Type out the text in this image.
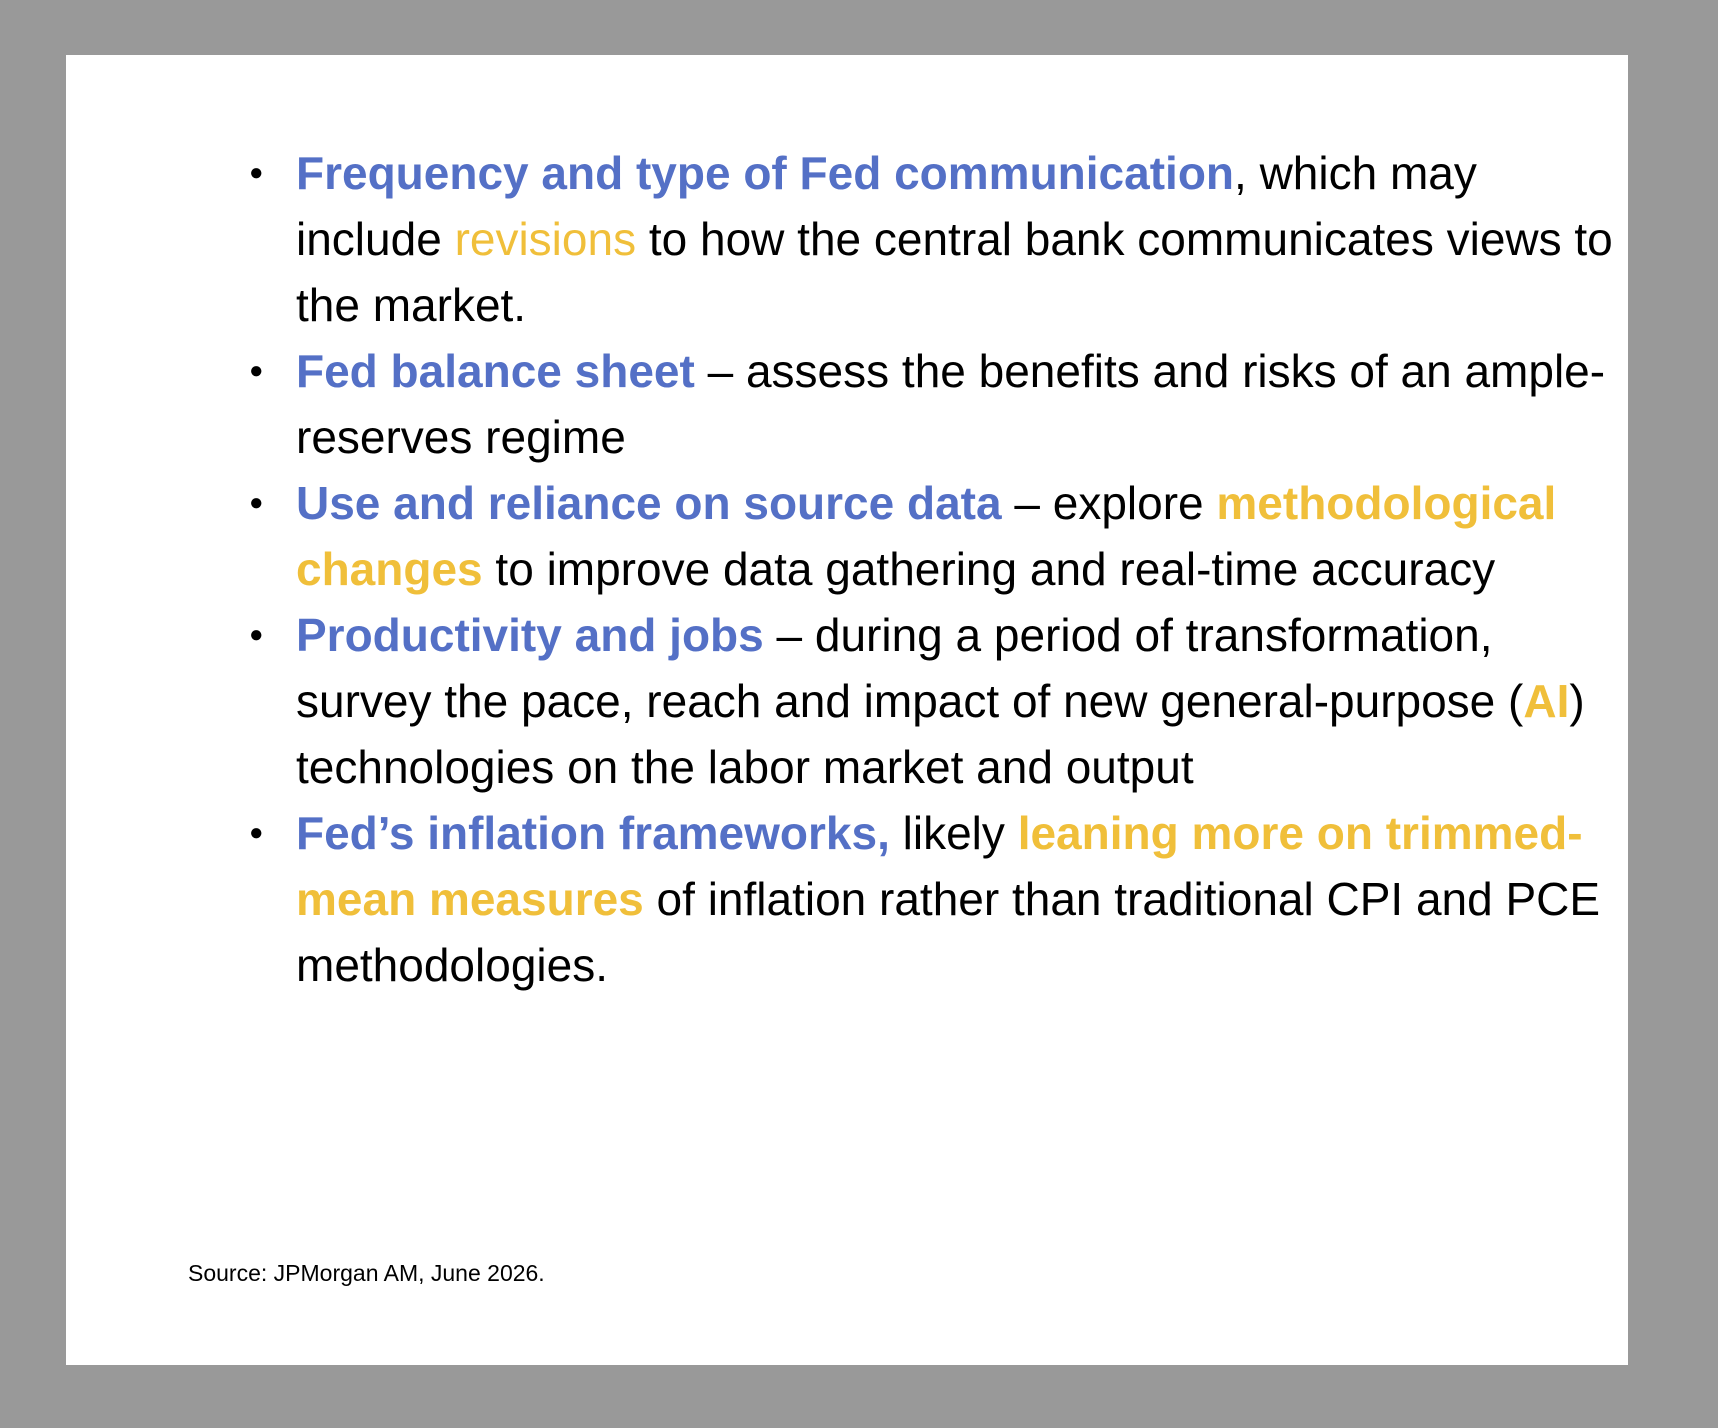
● Frequency and type of Fed communication, which may include revisions to how the central bank communicates views to the market.
● Fed balance sheet – assess the benefits and risks of an ample-reserves regime
● Use and reliance on source data – explore methodological changes to improve data gathering and real-time accuracy
● Productivity and jobs – during a period of transformation, survey the pace, reach and impact of new general-purpose (AI) technologies on the labor market and output
● Fed’s inflation frameworks, likely leaning more on trimmed-mean measures of inflation rather than traditional CPI and PCE methodologies.
Source: JPMorgan AM, June 2026.
